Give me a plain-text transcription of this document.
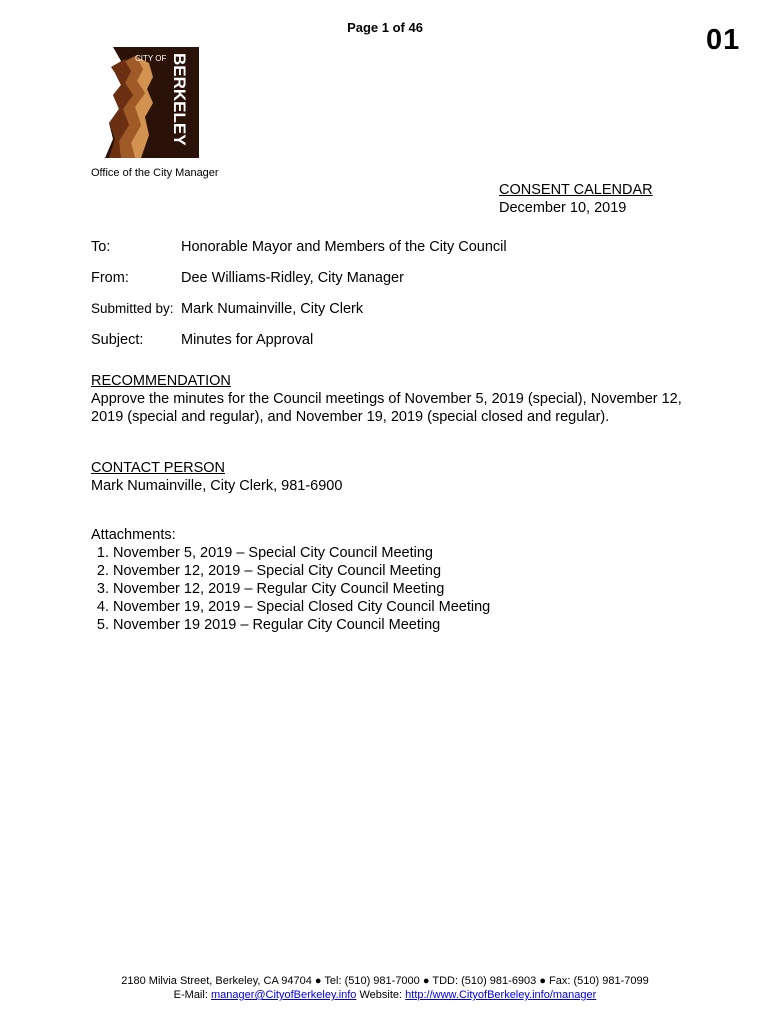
Page 1 of 46	01
CITY OF BERKELEY
Office of the City Manager
CONSENT CALENDAR
December 10, 2019
To:	Honorable Mayor and Members of the City Council
From:	Dee Williams-Ridley, City Manager
Submitted by: Mark Numainville, City Clerk
Subject:	Minutes for Approval
RECOMMENDATION
Approve the minutes for the Council meetings of November 5, 2019 (special), November 12, 2019 (special and regular), and November 19, 2019 (special closed and regular).
CONTACT PERSON
Mark Numainville, City Clerk, 981-6900
Attachments:
1. November 5, 2019 – Special City Council Meeting
2. November 12, 2019 – Special City Council Meeting
3. November 12, 2019 – Regular City Council Meeting
4. November 19, 2019 – Special Closed City Council Meeting
5. November 19 2019 – Regular City Council Meeting
2180 Milvia Street, Berkeley, CA 94704 ● Tel: (510) 981-7000 ● TDD: (510) 981-6903 ● Fax: (510) 981-7099
E-Mail: manager@CityofBerkeley.info Website: http://www.CityofBerkeley.info/manager
